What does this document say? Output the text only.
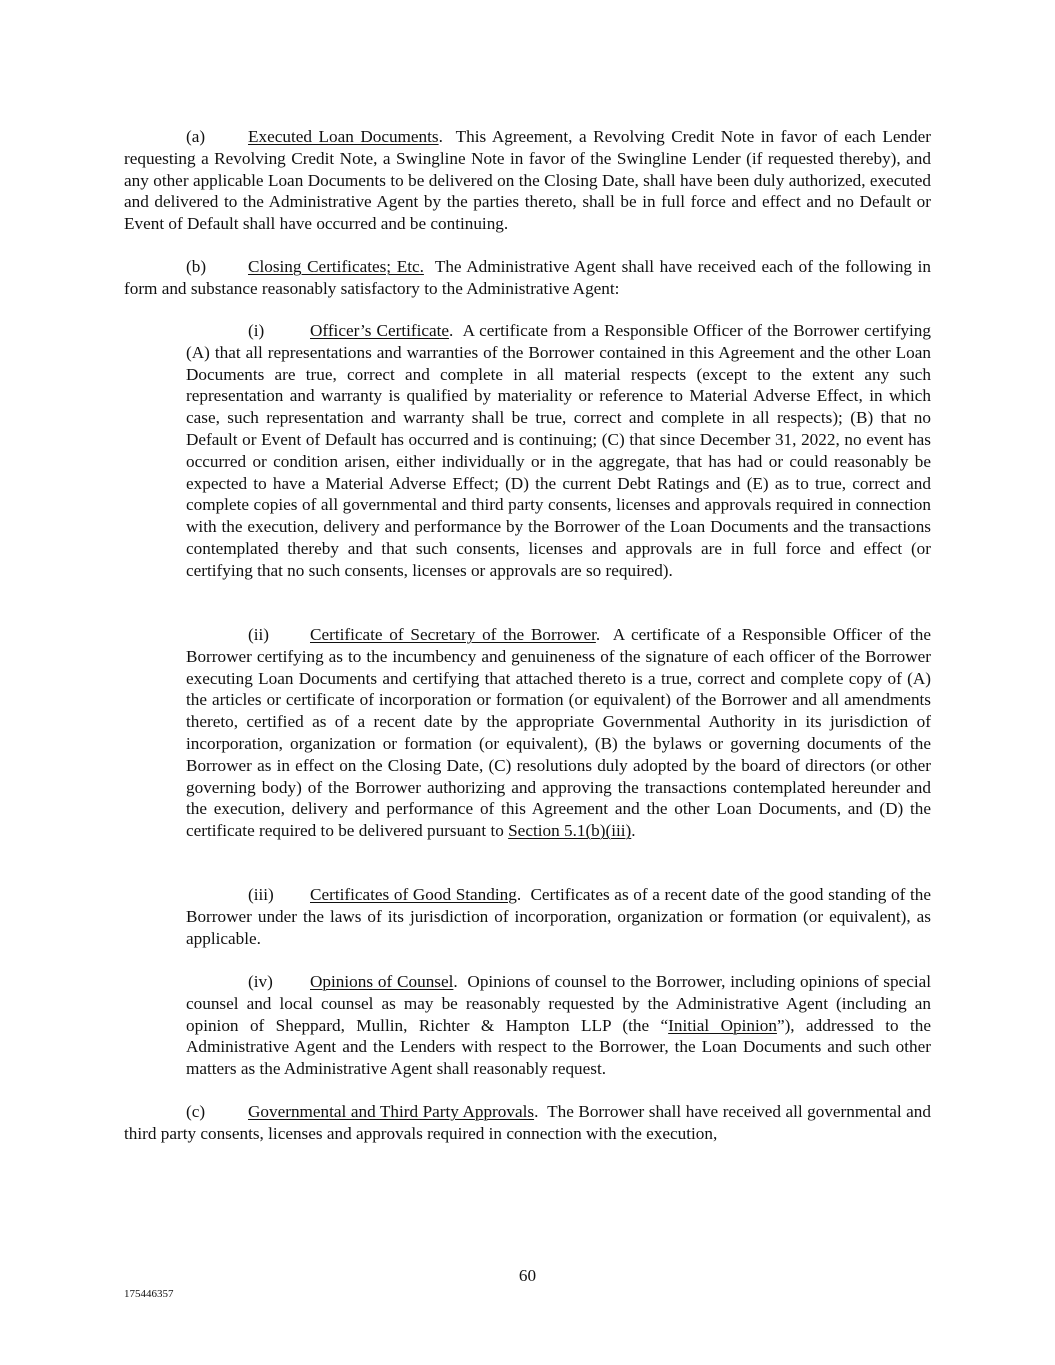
(a) Executed Loan Documents. This Agreement, a Revolving Credit Note in favor of each Lender requesting a Revolving Credit Note, a Swingline Note in favor of the Swingline Lender (if requested thereby), and any other applicable Loan Documents to be delivered on the Closing Date, shall have been duly authorized, executed and delivered to the Administrative Agent by the parties thereto, shall be in full force and effect and no Default or Event of Default shall have occurred and be continuing.

(b) Closing Certificates; Etc. The Administrative Agent shall have received each of the following in form and substance reasonably satisfactory to the Administrative Agent:

(i)	Officer’s Certificate. A certificate from a Responsible Officer of the Borrower certifying (A) that all representations and warranties of the Borrower contained in this Agreement and the other Loan Documents are true, correct and complete in all material respects (except to the extent any such representation and warranty is qualified by materiality or reference to Material Adverse Effect, in which case, such representation and warranty shall be true, correct and complete in all respects); (B) that no Default or Event of Default has occurred and is continuing; (C) that since December 31, 2022, no event has occurred or condition arisen, either individually or in the aggregate, that has had or could reasonably be expected to have a Material Adverse Effect; (D) the current Debt Ratings and (E) as to true, correct and complete copies of all governmental and third party consents, licenses and approvals required in connection with the execution, delivery and performance by the Borrower of the Loan Documents and the transactions contemplated thereby and that such consents, licenses and approvals are in full force and effect (or certifying that no such consents, licenses or approvals are so required).

(ii) Certificate of Secretary of the Borrower. A certificate of a Responsible Officer of the Borrower certifying as to the incumbency and genuineness of the signature of each officer of the Borrower executing Loan Documents and certifying that attached thereto is a true, correct and complete copy of (A) the articles or certificate of incorporation or formation (or equivalent) of the Borrower and all amendments thereto, certified as of a recent date by the appropriate Governmental Authority in its jurisdiction of incorporation, organization or formation (or equivalent), (B) the bylaws or governing documents of the Borrower as in effect on the Closing Date, (C) resolutions duly adopted by the board of directors (or other governing body) of the Borrower authorizing and approving the transactions contemplated hereunder and the execution, delivery and performance of this Agreement and the other Loan Documents, and (D) the certificate required to be delivered pursuant to Section 5.1(b)(iii).

(iii) Certificates of Good Standing. Certificates as of a recent date of the good standing of the Borrower under the laws of its jurisdiction of incorporation, organization or formation (or equivalent), as applicable.

(iv) Opinions of Counsel. Opinions of counsel to the Borrower, including opinions of special counsel and local counsel as may be reasonably requested by the Administrative Agent (including an opinion of Sheppard, Mullin, Richter & Hampton LLP (the “Initial Opinion”), addressed to the Administrative Agent and the Lenders with respect to the Borrower, the Loan Documents and such other matters as the Administrative Agent shall reasonably request.

(c) Governmental and Third Party Approvals. The Borrower shall have received all governmental and third party consents, licenses and approvals required in connection with the execution,

60
175446357
